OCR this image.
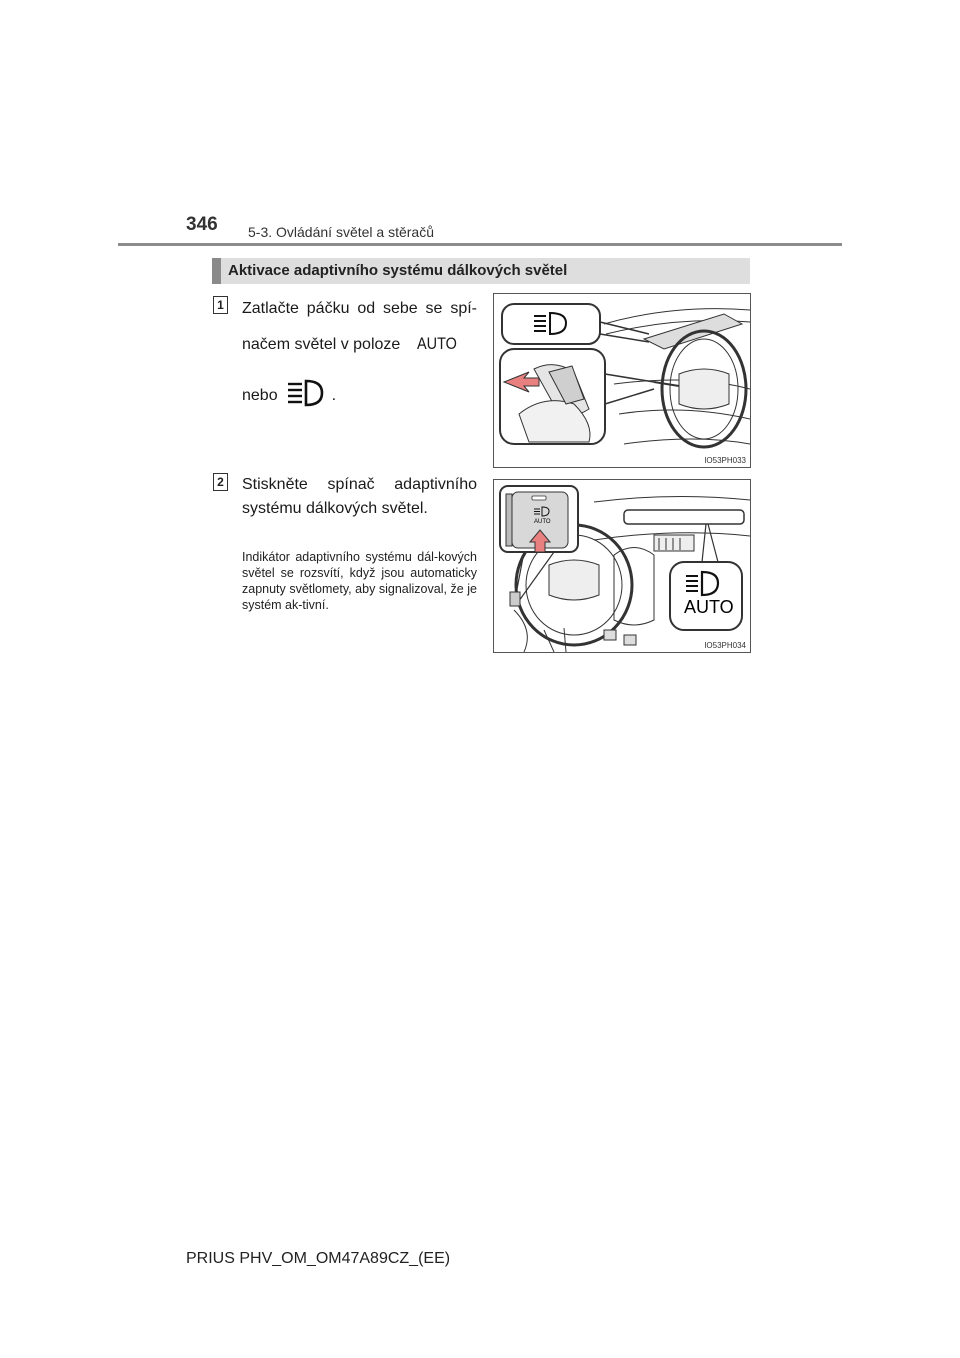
346 5-3. Ovládání světel a stěračů
Aktivace adaptivního systému dálkových světel
1 Zatlačte páčku od sebe se spí-
načem světel v poloze AUTO
nebo	.
IO53PH033
2 Stiskněte spínač adaptivního
systému dálkových světel.
Indikátor adaptivního systému dál-kových světel se rozsvítí, když jsou automaticky zapnuty světlomety, aby signalizoval, že je systém ak-tivní.
AUTO
AUTO
IO53PH034
PRIUS PHV_OM_OM47A89CZ_(EE)
